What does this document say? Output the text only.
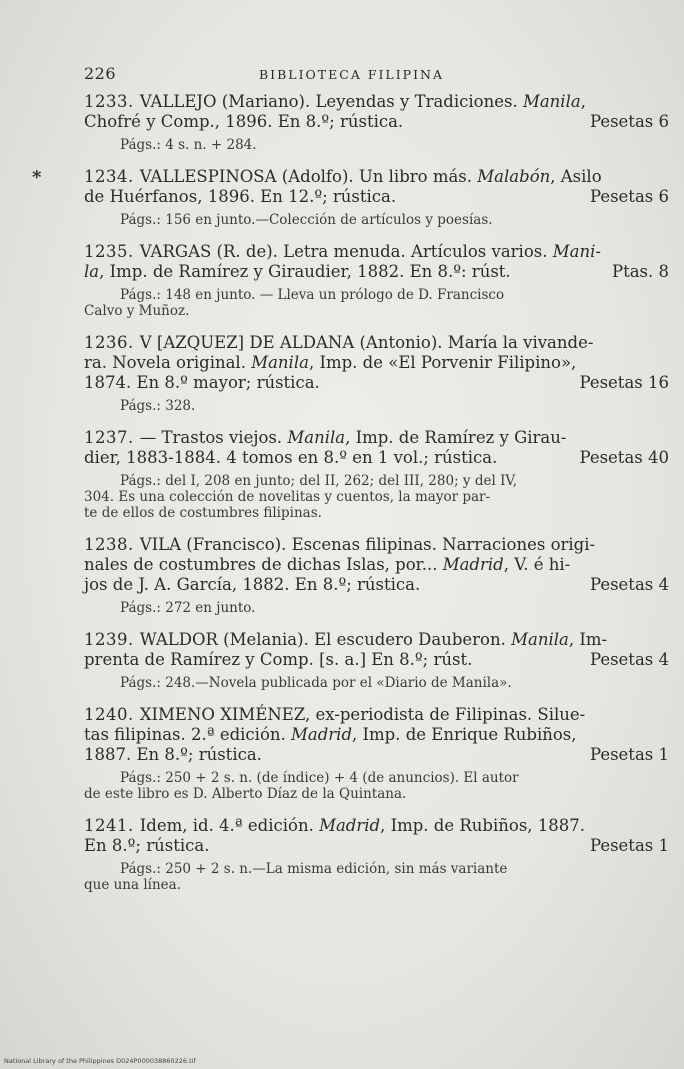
226	BIBLIOTECA FILIPINA
1233. VALLEJO (Mariano). Leyendas y Tradiciones. Manila,
Chofré y Comp., 1896. En 8.º; rústica.	Pesetas 6
Págs.: 4 s. n. + 284.
*	1234. VALLESPINOSA (Adolfo). Un libro más. Malabón, Asilo
de Huérfanos, 1896. En 12.º; rústica.	Pesetas 6
Págs.: 156 en junto.—Colección de artículos y poesías.
1235. VARGAS (R. de). Letra menuda. Artículos varios. Mani-
la, Imp. de Ramírez y Giraudier, 1882. En 8.º: rúst.	Ptas. 8
Págs.: 148 en junto. — Lleva un prólogo de D. Francisco
Calvo y Muñoz.
1236. V [AZQUEZ] DE ALDANA (Antonio). María la vivande-
ra. Novela original. Manila, Imp. de «El Porvenir Filipino»,
1874. En 8.º mayor; rústica.	Pesetas 16
Págs.: 328.
1237. — Trastos viejos. Manila, Imp. de Ramírez y Girau-
dier, 1883-1884. 4 tomos en 8.º en 1 vol.; rústica.	Pesetas 40
Págs.: del I, 208 en junto; del II, 262; del III, 280; y del IV,
304. Es una colección de novelitas y cuentos, la mayor par-
te de ellos de costumbres filipinas.
1238. VILA (Francisco). Escenas filipinas. Narraciones origi-
nales de costumbres de dichas Islas, por... Madrid, V. é hi-
jos de J. A. García, 1882. En 8.º; rústica.	Pesetas 4
Págs.: 272 en junto.
1239. WALDOR (Melania). El escudero Dauberon. Manila, Im-
prenta de Ramírez y Comp. [s. a.] En 8.º; rúst.	Pesetas 4
Págs.: 248.—Novela publicada por el «Diario de Manila».
1240. XIMENO XIMÉNEZ, ex-periodista de Filipinas. Silue-
tas filipinas. 2.ª edición. Madrid, Imp. de Enrique Rubiños,
1887. En 8.º; rústica.	Pesetas 1
Págs.: 250 + 2 s. n. (de índice) + 4 (de anuncios). El autor
de este libro es D. Alberto Díaz de la Quintana.
1241. Idem, id. 4.ª edición. Madrid, Imp. de Rubiños, 1887.
En 8.º; rústica.	Pesetas 1
Págs.: 250 + 2 s. n.—La misma edición, sin más variante
que una línea.
National Library of the Philippines D024P000038860226.tif
